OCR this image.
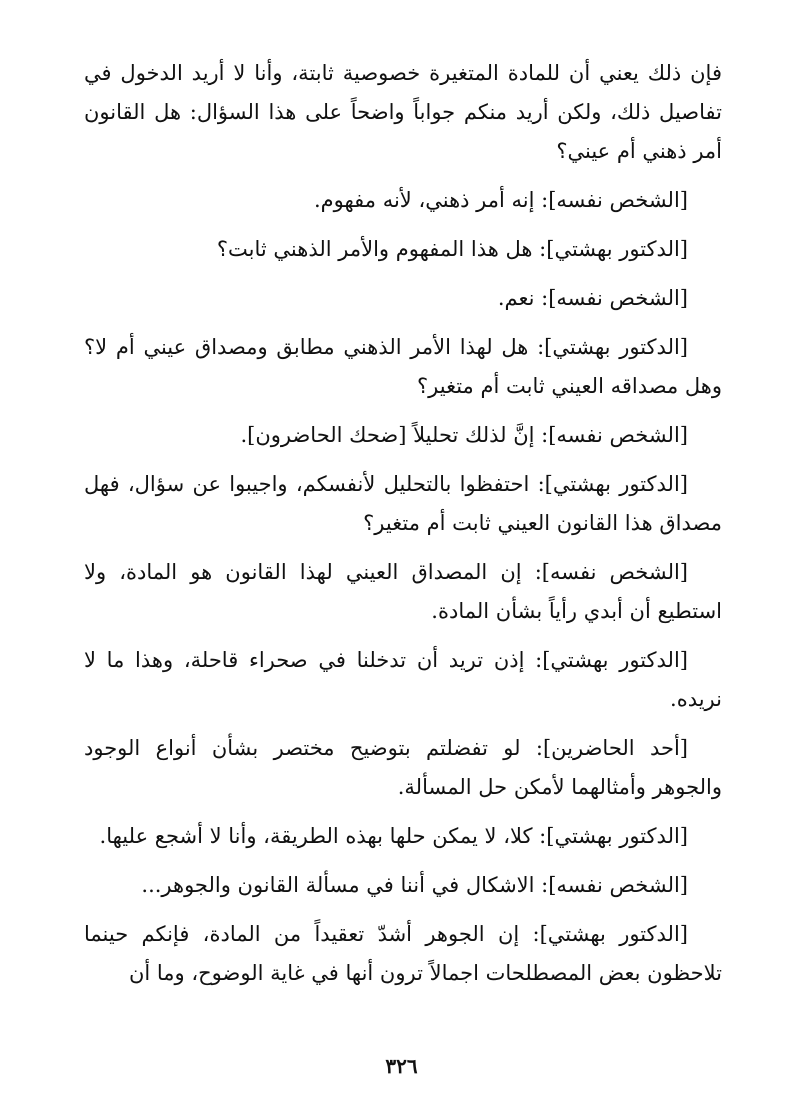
فإن ذلك يعني أن للمادة المتغيرة خصوصية ثابتة، وأنا لا أريد الدخول في تفاصيل ذلك، ولكن أريد منكم جواباً واضحاً على هذا السؤال: هل القانون أمر ذهني أم عيني؟

[الشخص نفسه]: إنه أمر ذهني، لأنه مفهوم.

[الدكتور بهشتي]: هل هذا المفهوم والأمر الذهني ثابت؟

[الشخص نفسه]: نعم.

[الدكتور بهشتي]: هل لهذا الأمر الذهني مطابق ومصداق عيني أم لا؟ وهل مصداقه العيني ثابت أم متغير؟

[الشخص نفسه]: إنَّ لذلك تحليلاً [ضحك الحاضرون].

[الدكتور بهشتي]: احتفظوا بالتحليل لأنفسكم، واجيبوا عن سؤال، فهل مصداق هذا القانون العيني ثابت أم متغير؟

[الشخص نفسه]: إن المصداق العيني لهذا القانون هو المادة، ولا استطيع أن أبدي رأياً بشأن المادة.

[الدكتور بهشتي]: إذن تريد أن تدخلنا في صحراء قاحلة، وهذا ما لا نريده.

[أحد الحاضرين]: لو تفضلتم بتوضيح مختصر بشأن أنواع الوجود والجوهر وأمثالهما لأمكن حل المسألة.

[الدكتور بهشتي]: كلا، لا يمكن حلها بهذه الطريقة، وأنا لا أشجع عليها.

[الشخص نفسه]: الاشكال في أننا في مسألة القانون والجوهر...

[الدكتور بهشتي]: إن الجوهر أشدّ تعقيداً من المادة، فإنكم حينما تلاحظون بعض المصطلحات اجمالاً ترون أنها في غاية الوضوح، وما أن

٣٢٦
